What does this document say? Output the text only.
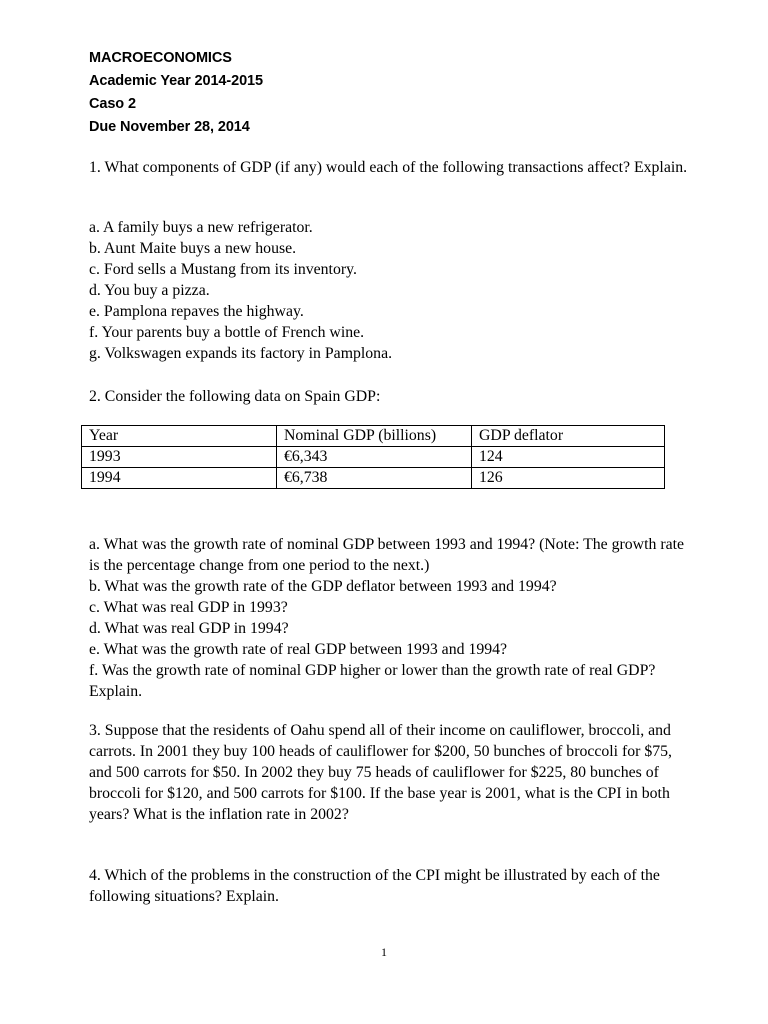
MACROECONOMICS
Academic Year 2014-2015
Caso 2
Due November 28, 2014

1. What components of GDP (if any) would each of the following transactions affect? Explain.

a. A family buys a new refrigerator.
b. Aunt Maite buys a new house.
c. Ford sells a Mustang from its inventory.
d. You buy a pizza.
e. Pamplona repaves the highway.
f. Your parents buy a bottle of French wine.
g. Volkswagen expands its factory in Pamplona.

2. Consider the following data on Spain GDP:

Year	Nominal GDP (billions)	GDP deflator
1993	€6,343	124
1994	€6,738	126

a. What was the growth rate of nominal GDP between 1993 and 1994? (Note: The growth rate is the percentage change from one period to the next.)

b. What was the growth rate of the GDP deflator between 1993 and 1994?

c. What was real GDP in 1993?

d. What was real GDP in 1994?

e. What was the growth rate of real GDP between 1993 and 1994?

f. Was the growth rate of nominal GDP higher or lower than the growth rate of real GDP? Explain.

3. Suppose that the residents of Oahu spend all of their income on cauliflower, broccoli, and carrots. In 2001 they buy 100 heads of cauliflower for $200, 50 bunches of broccoli for $75, and 500 carrots for $50. In 2002 they buy 75 heads of cauliflower for $225, 80 bunches of broccoli for $120, and 500 carrots for $100. If the base year is 2001, what is the CPI in both years? What is the inflation rate in 2002?

4. Which of the problems in the construction of the CPI might be illustrated by each of the following situations? Explain.

1
